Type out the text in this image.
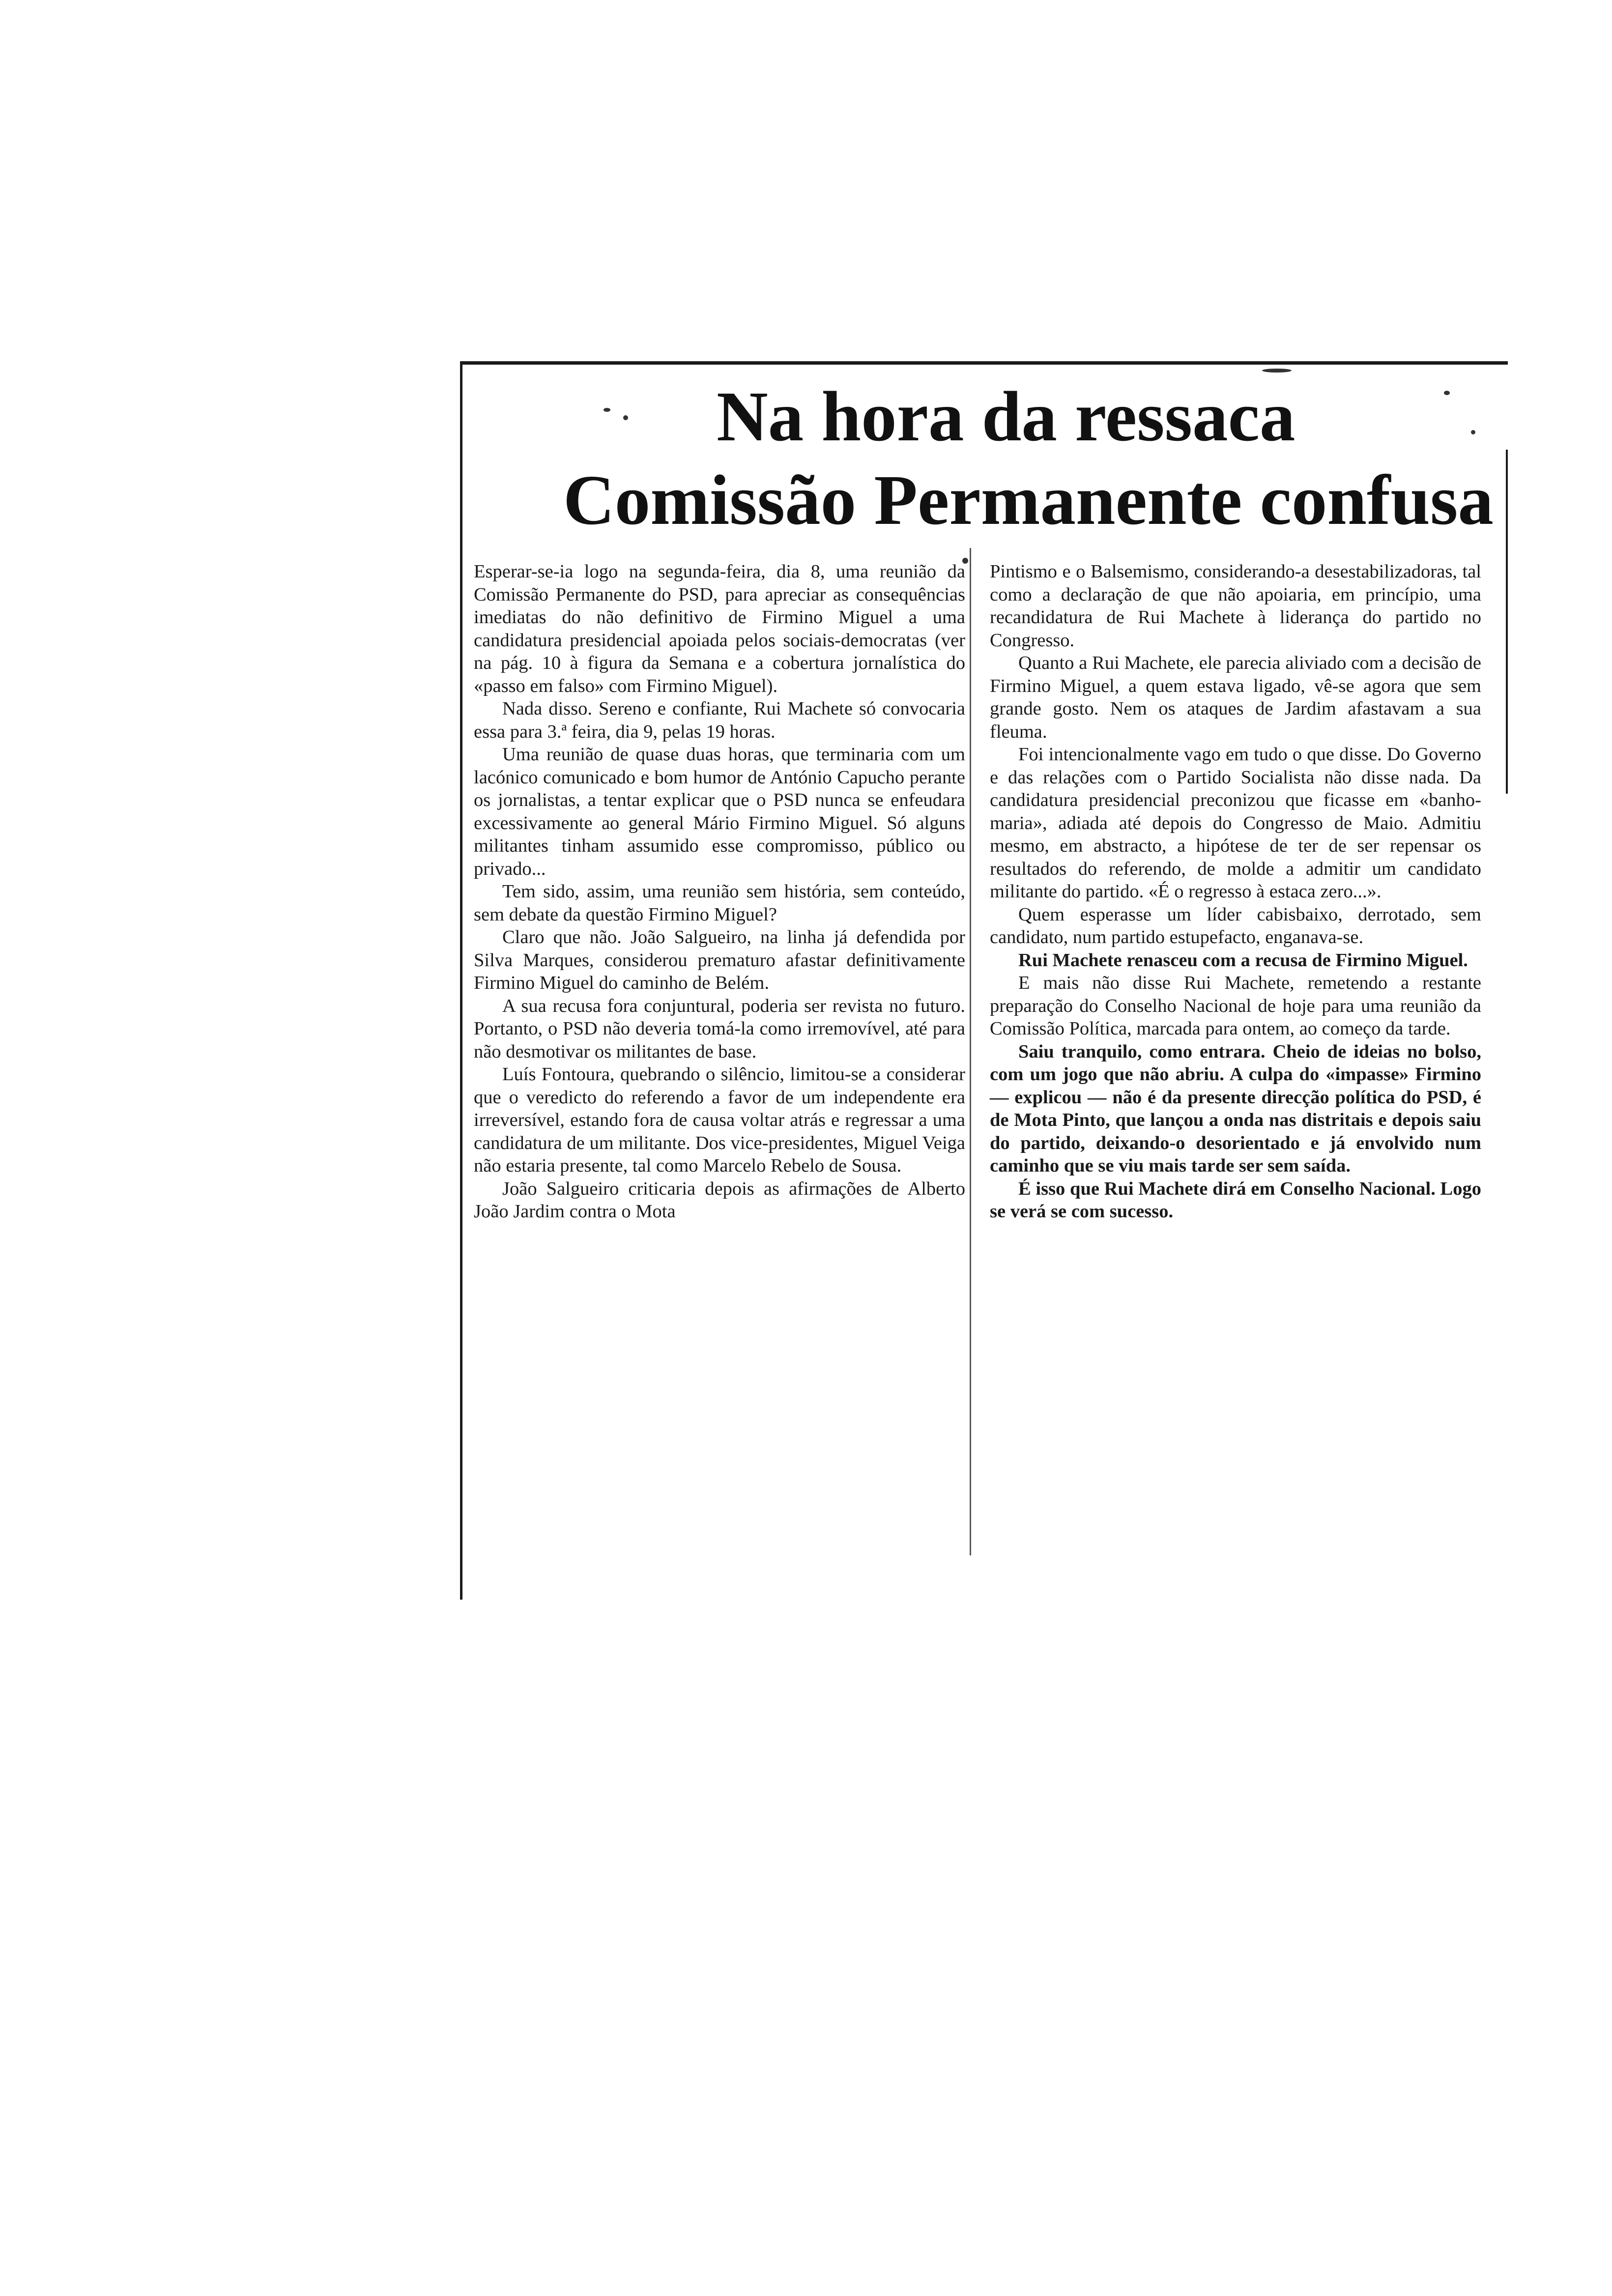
Na hora da ressaca
Comissão Permanente confusa

Esperar-se-ia logo na segunda-feira, dia 8, uma reunião da Comissão Permanente do PSD, para apreciar as consequências imediatas do não definitivo de Firmino Miguel a uma candidatura presidencial apoiada pelos sociais-democratas (ver na pág. 10 à figura da Semana e a cobertura jornalística do «passo em falso» com Firmino Miguel).

Nada disso. Sereno e confiante, Rui Machete só convocaria essa para 3.ª feira, dia 9, pelas 19 horas.

Uma reunião de quase duas horas, que terminaria com um lacónico comunicado e bom humor de António Capucho perante os jornalistas, a tentar explicar que o PSD nunca se enfeudara excessivamente ao general Mário Firmino Miguel. Só alguns militantes tinham assumido esse compromisso, público ou privado...

Tem sido, assim, uma reunião sem história, sem conteúdo, sem debate da questão Firmino Miguel?

Claro que não. João Salgueiro, na linha já defendida por Silva Marques, considerou prematuro afastar definitivamente Firmino Miguel do caminho de Belém.

A sua recusa fora conjuntural, poderia ser revista no futuro. Portanto, o PSD não deveria tomá-la como irremovível, até para não desmotivar os militantes de base.

Luís Fontoura, quebrando o silêncio, limitou-se a considerar que o veredicto do referendo a favor de um independente era irreversível, estando fora de causa voltar atrás e regressar a uma candidatura de um militante. Dos vice-presidentes, Miguel Veiga não estaria presente, tal como Marcelo Rebelo de Sousa.

João Salgueiro criticaria depois as afirmações de Alberto João Jardim contra o Mota

Pintismo e o Balsemismo, considerando-a desestabilizadoras, tal como a declaração de que não apoiaria, em princípio, uma recandidatura de Rui Machete à liderança do partido no Congresso.

Quanto a Rui Machete, ele parecia aliviado com a decisão de Firmino Miguel, a quem estava ligado, vê-se agora que sem grande gosto. Nem os ataques de Jardim afastavam a sua fleuma.

Foi intencionalmente vago em tudo o que disse. Do Governo e das relações com o Partido Socialista não disse nada. Da candidatura presidencial preconizou que ficasse em «banho-maria», adiada até depois do Congresso de Maio. Admitiu mesmo, em abstracto, a hipótese de ter de ser repensar os resultados do referendo, de molde a admitir um candidato militante do partido. «É o regresso à estaca zero...».

Quem esperasse um líder cabisbaixo, derrotado, sem candidato, num partido estupefacto, enganava-se.

Rui Machete renasceu com a recusa de Firmino Miguel.

E mais não disse Rui Machete, remetendo a restante preparação do Conselho Nacional de hoje para uma reunião da Comissão Política, marcada para ontem, ao começo da tarde.

Saiu tranquilo, como entrara. Cheio de ideias no bolso, com um jogo que não abriu. A culpa do «impasse» Firmino — explicou — não é da presente direcção política do PSD, é de Mota Pinto, que lançou a onda nas distritais e depois saiu do partido, deixando-o desorientado e já envolvido num caminho que se viu mais tarde ser sem saída.

É isso que Rui Machete dirá em Conselho Nacional. Logo se verá se com sucesso.
